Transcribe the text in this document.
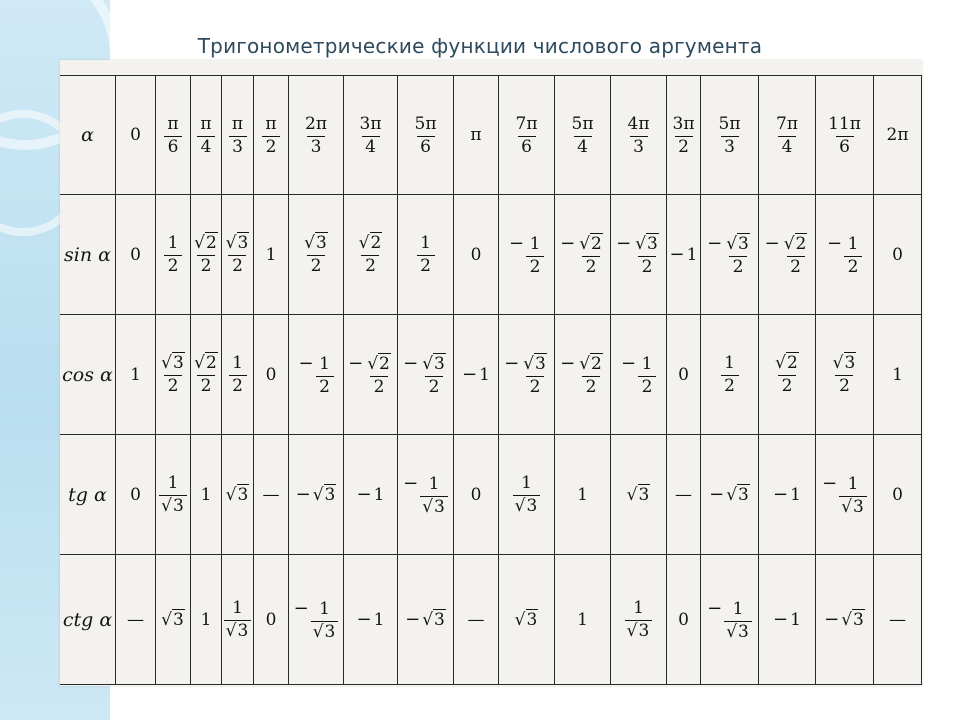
Тригонометрические функции числового аргумента
α $0 \frac{\pi}{6} \frac{\pi}{4} \frac{\pi}{3} \frac{\pi}{2} \frac{2\pi}{3} \frac{3\pi}{4} \frac{5\pi}{6}$ π $\frac{7\pi}{6} \frac{5\pi}{4} \frac{4\pi}{3} \frac{3\pi}{2} \frac{5\pi}{3} \frac{7\pi}{4} \frac{11\pi}{6} 2\pi$
sin α $0 \frac{1}{2} \frac{√2}{2} \frac{√3}{2} 1 \frac{√3}{2} \frac{√2}{2} \frac{1}{2} 0$
− $\frac{1}{2} - \frac{√2}{2} - \frac{√3}{2} - 1$
− $\frac{√3}{2} - \frac{√2}{2} - \frac{1}{2} 0$
cos α $1 \frac{√3}{2} \frac{√2}{2} \frac{1}{2} 0$
− $\frac{1}{2} - \frac{√2}{2} - \frac{√3}{2} - 1$
− $\frac{√3}{2} - \frac{√2}{2} - \frac{1}{2} 0 \frac{1}{2} \frac{√2}{2} \frac{√3}{2} 1$
tg α	$0 \frac{1}{√3} 1$ √3 — − √3 − 1
− $\frac{1}{√3} 0 \frac{1}{√3} 1$ √3 — − √3 − 1
− $\frac{1}{√3} 0$
ctg α — √3 $1 \frac{1}{√3} 0$
− $\frac{1}{√3} - 1 - √3$ — √3 $1 \frac{1}{√3} 0$
− $\frac{1}{√3} - 1 - √3$ —
